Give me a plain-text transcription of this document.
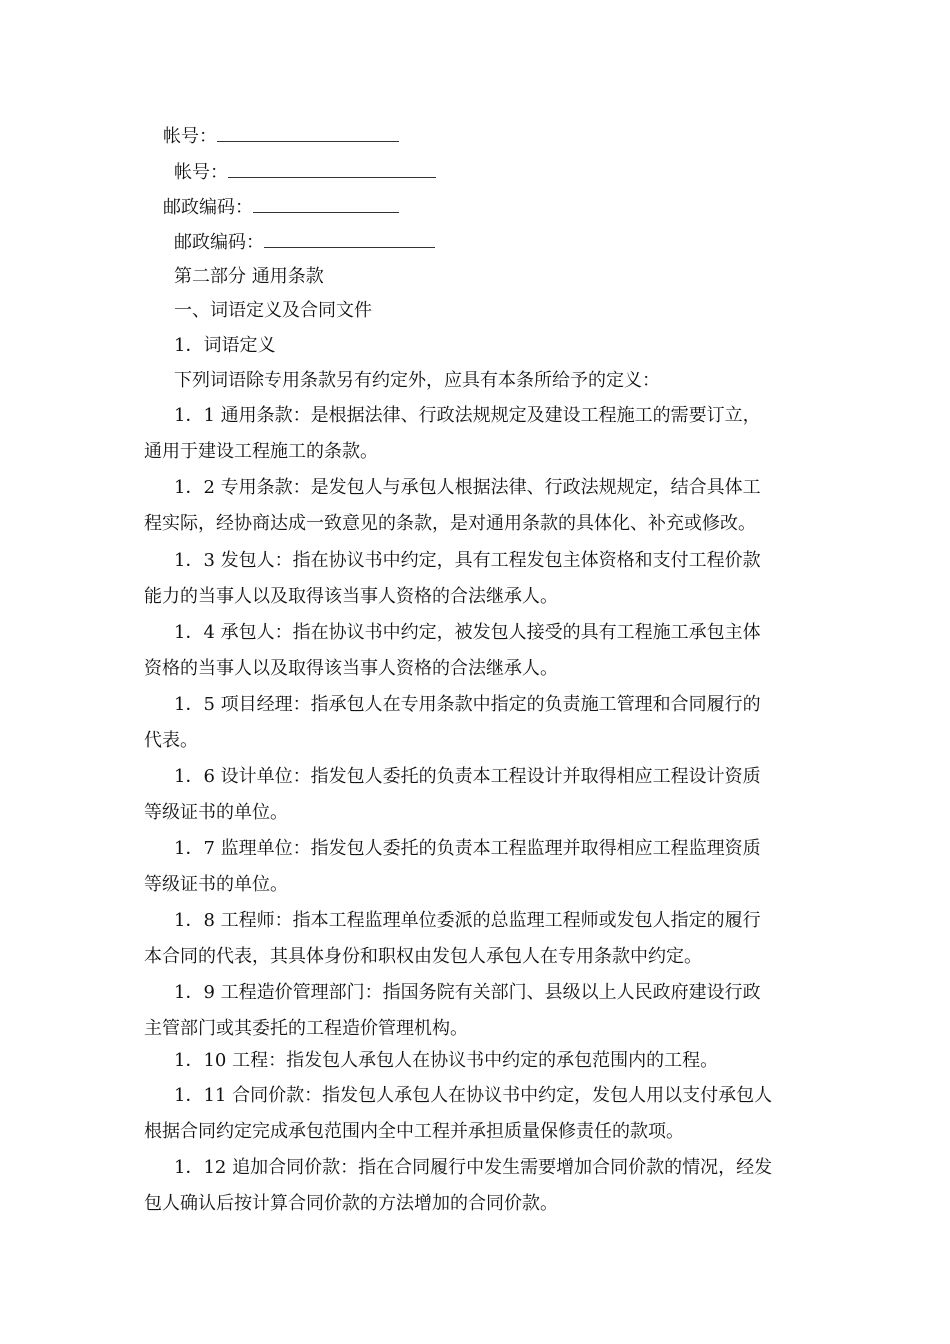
帐号：
帐号：
邮政编码：
邮政编码：
第二部分 通用条款
一、词语定义及合同文件
1．词语定义
下列词语除专用条款另有约定外，应具有本条所给予的定义：
1．1 通用条款：是根据法律、行政法规规定及建设工程施工的需要订立，
通用于建设工程施工的条款。
1．2 专用条款：是发包人与承包人根据法律、行政法规规定，结合具体工
程实际，经协商达成一致意见的条款，是对通用条款的具体化、补充或修改。
1．3 发包人：指在协议书中约定，具有工程发包主体资格和支付工程价款
能力的当事人以及取得该当事人资格的合法继承人。
1．4 承包人：指在协议书中约定，被发包人接受的具有工程施工承包主体
资格的当事人以及取得该当事人资格的合法继承人。
1．5 项目经理：指承包人在专用条款中指定的负责施工管理和合同履行的
代表。
1．6 设计单位：指发包人委托的负责本工程设计并取得相应工程设计资质
等级证书的单位。
1．7 监理单位：指发包人委托的负责本工程监理并取得相应工程监理资质
等级证书的单位。
1．8 工程师：指本工程监理单位委派的总监理工程师或发包人指定的履行
本合同的代表，其具体身份和职权由发包人承包人在专用条款中约定。
1．9 工程造价管理部门：指国务院有关部门、县级以上人民政府建设行政
主管部门或其委托的工程造价管理机构。
1．10 工程：指发包人承包人在协议书中约定的承包范围内的工程。
1．11 合同价款：指发包人承包人在协议书中约定，发包人用以支付承包人
根据合同约定完成承包范围内全中工程并承担质量保修责任的款项。
1．12 追加合同价款：指在合同履行中发生需要增加合同价款的情况，经发
包人确认后按计算合同价款的方法增加的合同价款。
